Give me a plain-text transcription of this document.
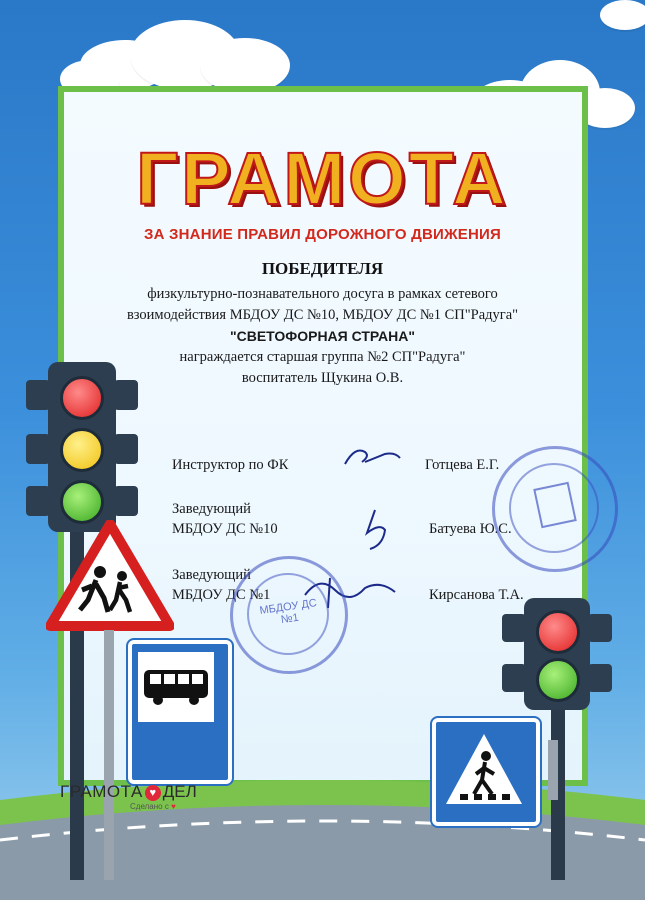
ГРАМОТА
ЗА ЗНАНИЕ ПРАВИЛ ДОРОЖНОГО ДВИЖЕНИЯ
ПОБЕДИТЕЛЯ
физкультурно-познавательного досуга в рамках сетевого
взоимодействия МБДОУ ДС №10, МБДОУ ДС №1 СП"Радуга"
"СВЕТОФОРНАЯ СТРАНА"
награждается старшая группа №2 СП"Радуга"
воспитатель Щукина О.В.
Инструктор по ФК	Готцева Е.Г.
Заведующий
МБДОУ ДС №10	Батуева Ю.С.
Заведующий
МБДОУ ДС №1	Кирсанова Т.А.
МБДОУ ДС №1
ГРАМОТА ♥ ДЕЛ
Сделано с ♥
